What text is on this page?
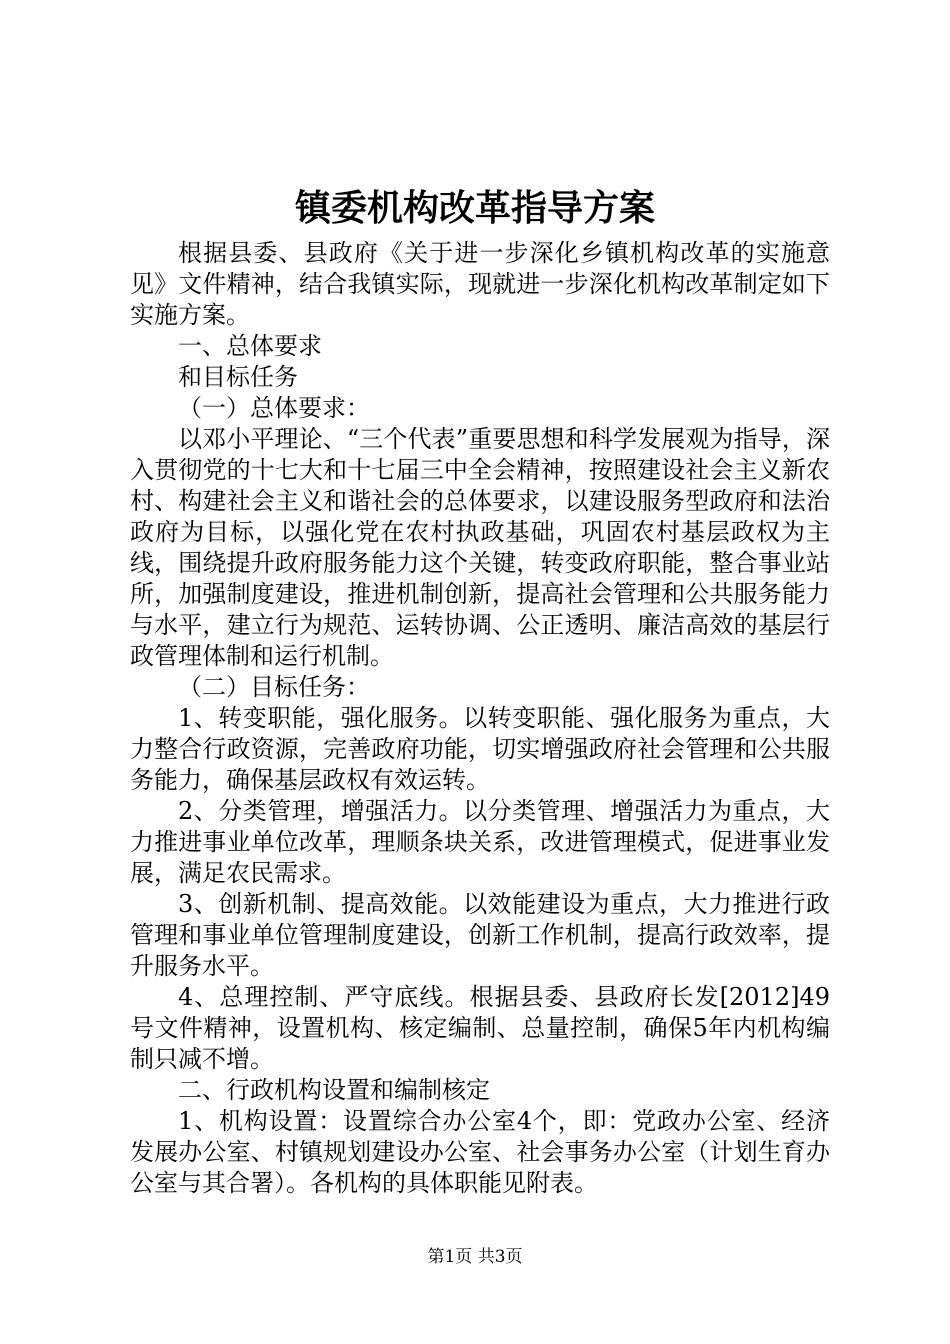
镇委机构改革指导方案

根据县委、县政府《关于进一步深化乡镇机构改革的实施意见》文件精神，结合我镇实际，现就进一步深化机构改革制定如下实施方案。

一、总体要求

和目标任务

（一）总体要求：

以邓小平理论、“三个代表”重要思想和科学发展观为指导，深入贯彻党的十七大和十七届三中全会精神，按照建设社会主义新农村、构建社会主义和谐社会的总体要求，以建设服务型政府和法治政府为目标，以强化党在农村执政基础，巩固农村基层政权为主线，围绕提升政府服务能力这个关键，转变政府职能，整合事业站所，加强制度建设，推进机制创新，提高社会管理和公共服务能力与水平，建立行为规范、运转协调、公正透明、廉洁高效的基层行政管理体制和运行机制。

（二）目标任务：

1、转变职能，强化服务。以转变职能、强化服务为重点，大力整合行政资源，完善政府功能，切实增强政府社会管理和公共服务能力，确保基层政权有效运转。

2、分类管理，增强活力。以分类管理、增强活力为重点，大力推进事业单位改革，理顺条块关系，改进管理模式，促进事业发展，满足农民需求。

3、创新机制、提高效能。以效能建设为重点，大力推进行政管理和事业单位管理制度建设，创新工作机制，提高行政效率，提升服务水平。

4、总理控制、严守底线。根据县委、县政府长发[2012]49号文件精神，设置机构、核定编制、总量控制，确保5年内机构编制只减不增。

二、行政机构设置和编制核定

1、机构设置：设置综合办公室4个，即：党政办公室、经济发展办公室、村镇规划建设办公室、社会事务办公室（计划生育办公室与其合署）。各机构的具体职能见附表。

第1页 共3页
